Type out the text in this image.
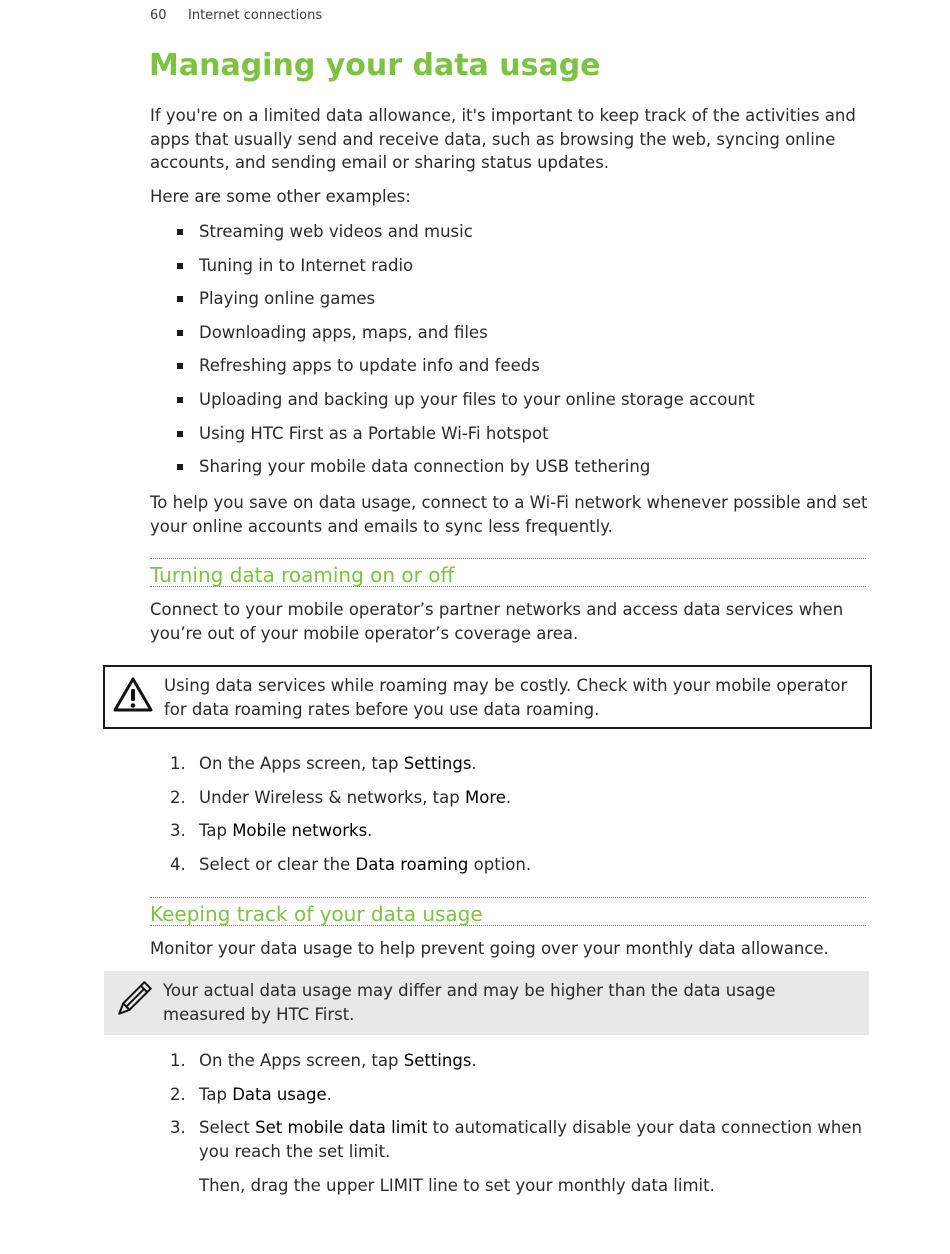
60 Internet connections
Managing your data usage

If you're on a limited data allowance, it's important to keep track of the activities and apps that usually send and receive data, such as browsing the web, syncing online accounts, and sending email or sharing status updates.

Here are some other examples:

Streaming web videos and music
Tuning in to Internet radio
Playing online games
Downloading apps, maps, and files
Refreshing apps to update info and feeds
Uploading and backing up your files to your online storage account
Using HTC First as a Portable Wi-Fi hotspot
Sharing your mobile data connection by USB tethering

To help you save on data usage, connect to a Wi-Fi network whenever possible and set your online accounts and emails to sync less frequently.

Turning data roaming on or off

Connect to your mobile operator’s partner networks and access data services when you’re out of your mobile operator’s coverage area.

Using data services while roaming may be costly. Check with your mobile operator for data roaming rates before you use data roaming.
1. On the Apps screen, tap Settings.
2. Under Wireless & networks, tap More.
3. Tap Mobile networks.
4. Select or clear the Data roaming option.
Keeping track of your data usage

Monitor your data usage to help prevent going over your monthly data allowance.

Your actual data usage may differ and may be higher than the data usage measured by HTC First.
1. On the Apps screen, tap Settings.
2. Tap Data usage.
3. Select Set mobile data limit to automatically disable your data connection when you reach the set limit.

Then, drag the upper LIMIT line to set your monthly data limit.
